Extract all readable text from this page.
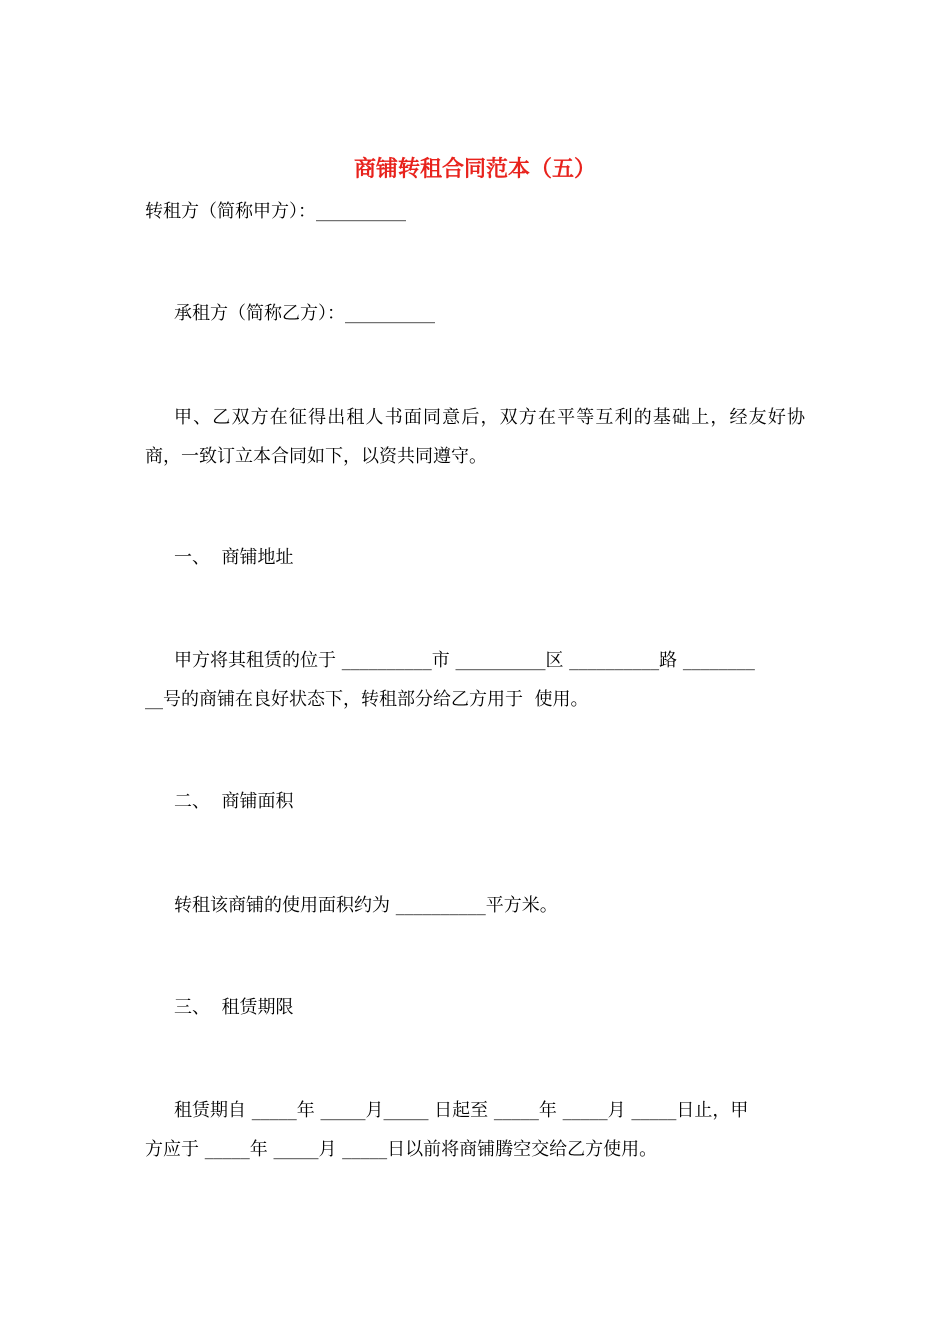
商铺转租合同范本（五）
转租方（简称甲方）：__________
承租方（简称乙方）：__________
甲、乙双方在征得出租人书面同意后，双方在平等互利的基础上，经友好协
商，一致订立本合同如下，以资共同遵守。
一、  商铺地址
甲方将其租赁的位于 __________市 __________区 __________路 ________
__号的商铺在良好状态下，转租部分给乙方用于  使用。
二、  商铺面积
转租该商铺的使用面积约为 __________平方米。
三、  租赁期限
租赁期自 _____年 _____月_____ 日起至 _____年 _____月 _____日止，甲
方应于 _____年 _____月 _____日以前将商铺腾空交给乙方使用。
